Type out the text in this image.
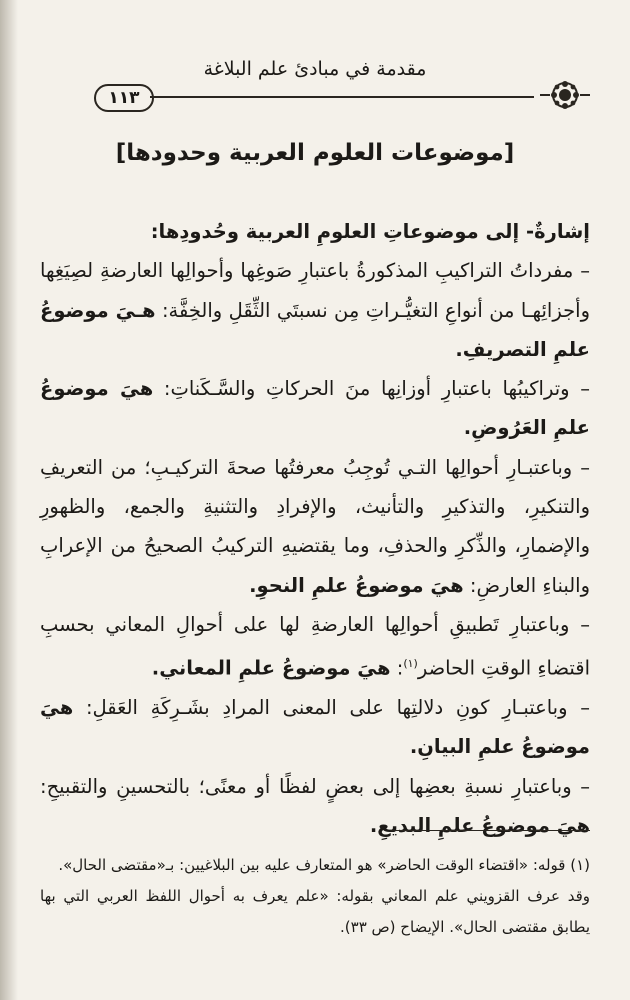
مقدمة في مبادئ علم البلاغة
١١٣
[موضوعات العلوم العربية وحدودها]

إشارةٌ- إلى موضوعاتِ العلومِ العربية وحُدودِها:

– مفرداتُ التراكيبِ المذكورةُ باعتبارِ صَوغِها وأحوالِها العارضةِ لصِيَغِها وأجزائِهـا من أنواعِ التغيُّـراتِ مِن نسبتَي الثِّقَلِ والخِفَّة: هـيَ موضوعُ علمِ التصريفِ.

– وتراكيبُها باعتبارِ أوزانِها منَ الحركاتِ والسَّـكَناتِ: هيَ موضوعُ علمِ العَرُوضِ.

– وباعتبـارِ أحوالِها التـي تُوجِبُ معرفتُها صحةَ التركيـبِ؛ من التعريفِ والتنكيرِ، والتذكيرِ والتأنيث، والإفرادِ والتثنيةِ والجمع، والظهورِ والإضمارِ، والذِّكرِ والحذفِ، وما يقتضيهِ التركيبُ الصحيحُ من الإعرابِ والبناءِ العارضِ: هيَ موضوعُ علمِ النحوِ.

– وباعتبارِ تَطبيقِ أحوالِها العارضةِ لها على أحوالِ المعاني بحسبِ اقتضاءِ الوقتِ الحاضر$^{(١)}$: هيَ موضوعُ علمِ المعاني.

– وباعتبـارِ كونِ دلالتِها على المعنى المرادِ بشَـرِكَةِ العَقلِ: هيَ موضوعُ علمِ البيانِ.

– وباعتبارِ نسبةِ بعضِها إلى بعضٍ لفظًا أو معنًى؛ بالتحسينِ والتقبيحِ: هيَ موضوعُ علمِ البديعِ.

(١) قوله: «اقتضاء الوقت الحاضر» هو المتعارف عليه بين البلاغيين: بـ«مقتضى الحال».

وقد عرف القزويني علم المعاني بقوله: «علم يعرف به أحوال اللفظ العربي التي بها يطابق مقتضى الحال». الإيضاح (ص ٣٣).
